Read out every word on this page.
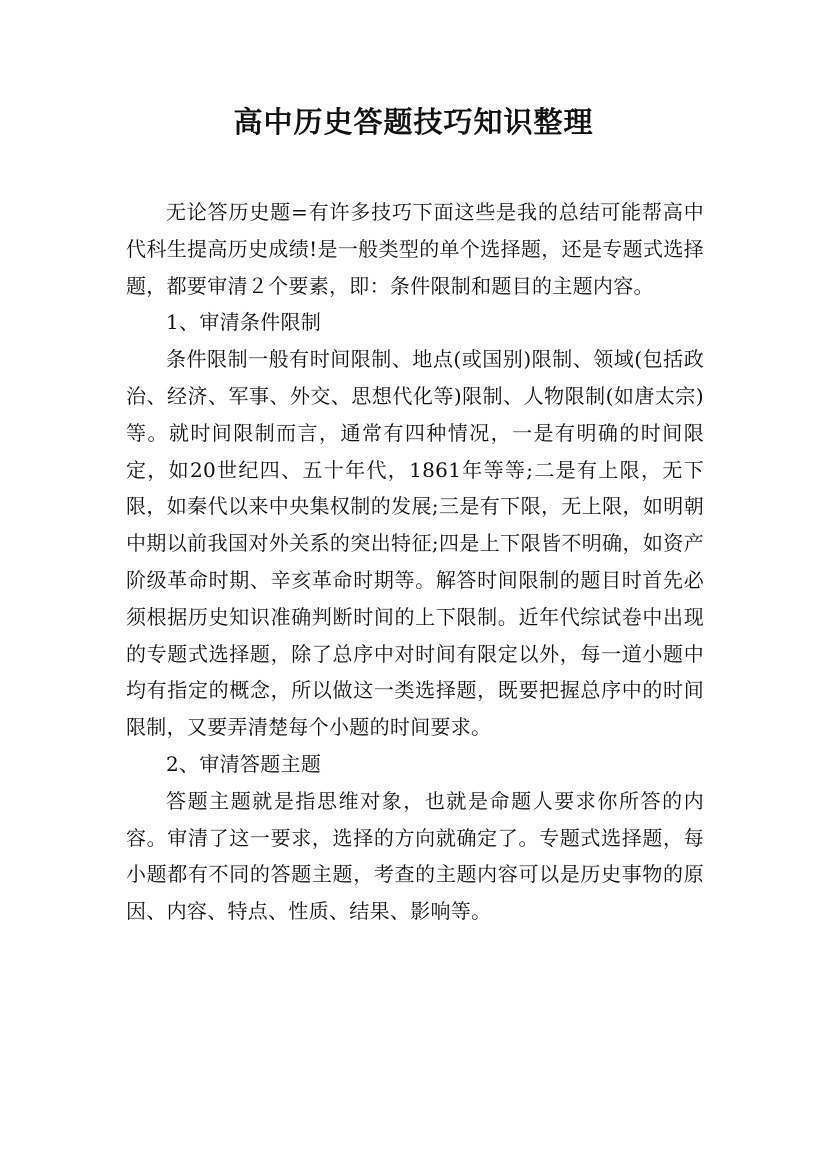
高中历史答题技巧知识整理

无论答历史题=有许多技巧下面这些是我的总结可能帮高中代科生提高历史成绩!是一般类型的单个选择题，还是专题式选择题，都要审清２个要素，即：条件限制和题目的主题内容。

1、审清条件限制

条件限制一般有时间限制、地点(或国别)限制、领域(包括政治、经济、军事、外交、思想代化等)限制、人物限制(如唐太宗)等。就时间限制而言，通常有四种情况，一是有明确的时间限定，如20世纪四、五十年代，1861年等等;二是有上限，无下限，如秦代以来中央集权制的发展;三是有下限，无上限，如明朝中期以前我国对外关系的突出特征;四是上下限皆不明确，如资产阶级革命时期、辛亥革命时期等。解答时间限制的题目时首先必须根据历史知识准确判断时间的上下限制。近年代综试卷中出现的专题式选择题，除了总序中对时间有限定以外，每一道小题中均有指定的概念，所以做这一类选择题，既要把握总序中的时间限制，又要弄清楚每个小题的时间要求。

2、审清答题主题

答题主题就是指思维对象，也就是命题人要求你所答的内容。审清了这一要求，选择的方向就确定了。专题式选择题，每小题都有不同的答题主题，考查的主题内容可以是历史事物的原因、内容、特点、性质、结果、影响等。
